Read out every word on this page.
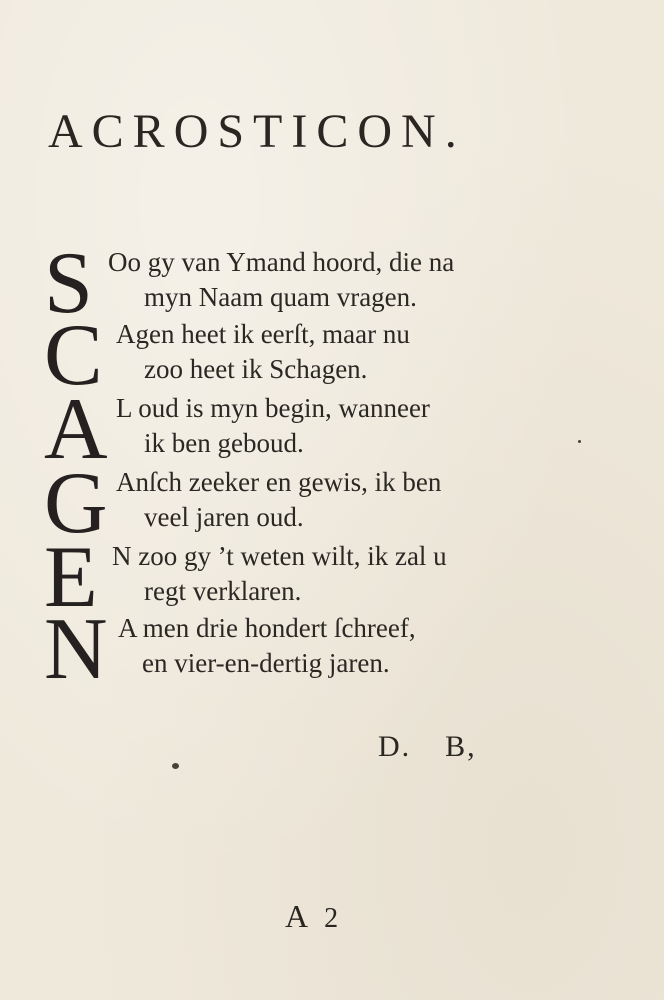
ACROSTICON.
S Oo gy van Ymand hoord, die na
myn Naam quam vragen.
C Agen heet ik eerſt, maar nu
zoo heet ik Schagen.
A L oud is myn begin, wanneer
ik ben geboud.
G Anſch zeeker en gewis, ik ben
veel jaren oud.
E N zoo gy ’t weten wilt, ik zal u
regt verklaren.
N A men drie hondert ſchreef,
en vier-en-dertig jaren.
D. B,
A 2
